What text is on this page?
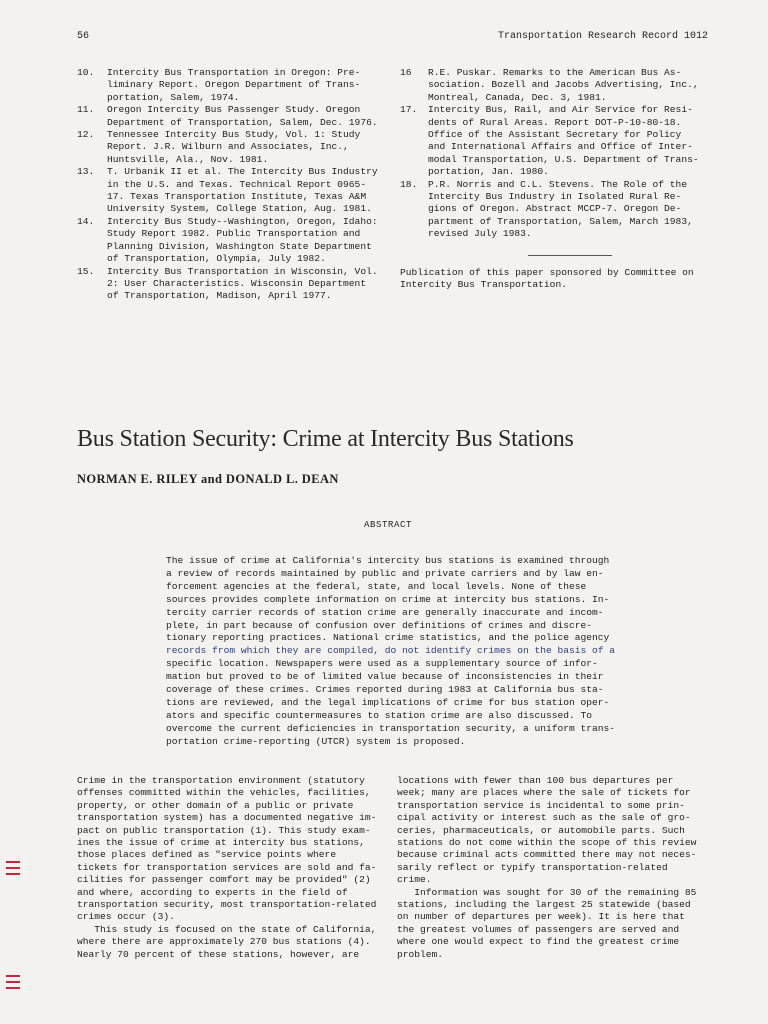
56	Transportation Research Record 1012
10.	Intercity Bus Transportation in Oregon: Pre-
liminary Report. Oregon Department of Trans-
portation, Salem, 1974.
11.	Oregon Intercity Bus Passenger Study. Oregon
Department of Transportation, Salem, Dec. 1976.
12.	Tennessee Intercity Bus Study, Vol. 1: Study
Report. J.R. Wilburn and Associates, Inc.,
Huntsville, Ala., Nov. 1981.
13.	T. Urbanik II et al. The Intercity Bus Industry
in the U.S. and Texas. Technical Report 0965-
17. Texas Transportation Institute, Texas A&M
University System, College Station, Aug. 1981.
14.	Intercity Bus Study--Washington, Oregon, Idaho:
Study Report 1982. Public Transportation and
Planning Division, Washington State Department
of Transportation, Olympia, July 1982.
15.	Intercity Bus Transportation in Wisconsin, Vol.
2: User Characteristics. Wisconsin Department
of Transportation, Madison, April 1977.
16	R.E. Puskar. Remarks to the American Bus As-
sociation. Bozell and Jacobs Advertising, Inc.,
Montreal, Canada, Dec. 3, 1981.
17.	Intercity Bus, Rail, and Air Service for Resi-
dents of Rural Areas. Report DOT-P-10-80-18.
Office of the Assistant Secretary for Policy
and International Affairs and Office of Inter-
modal Transportation, U.S. Department of Trans-
portation, Jan. 1980.
18.	P.R. Norris and C.L. Stevens. The Role of the
Intercity Bus Industry in Isolated Rural Re-
gions of Oregon. Abstract MCCP-7. Oregon De-
partment of Transportation, Salem, March 1983,
revised July 1983.
Publication of this paper sponsored by Committee on
Intercity Bus Transportation.
Bus Station Security: Crime at Intercity Bus Stations
NORMAN E. RILEY and DONALD L. DEAN
ABSTRACT
The issue of crime at California's intercity bus stations is examined through
a review of records maintained by public and private carriers and by law en-
forcement agencies at the federal, state, and local levels. None of these
sources provides complete information on crime at intercity bus stations. In-
tercity carrier records of station crime are generally inaccurate and incom-
plete, in part because of confusion over definitions of crimes and discre-
tionary reporting practices. National crime statistics, and the police agency
records from which they are compiled, do not identify crimes on the basis of a
specific location. Newspapers were used as a supplementary source of infor-
mation but proved to be of limited value because of inconsistencies in their
coverage of these crimes. Crimes reported during 1983 at California bus sta-
tions are reviewed, and the legal implications of crime for bus station oper-
ators and specific countermeasures to station crime are also discussed. To
overcome the current deficiencies in transportation security, a uniform trans-
portation crime-reporting (UTCR) system is proposed.
Crime in the transportation environment (statutory
offenses committed within the vehicles, facilities,
property, or other domain of a public or private
transportation system) has a documented negative im-
pact on public transportation (1). This study exam-
ines the issue of crime at intercity bus stations,
those places defined as "service points where
tickets for transportation services are sold and fa-
cilities for passenger comfort may be provided" (2)
and where, according to experts in the field of
transportation security, most transportation-related
crimes occur (3).
This study is focused on the state of California,
where there are approximately 270 bus stations (4).
Nearly 70 percent of these stations, however, are
locations with fewer than 100 bus departures per
week; many are places where the sale of tickets for
transportation service is incidental to some prin-
cipal activity or interest such as the sale of gro-
ceries, pharmaceuticals, or automobile parts. Such
stations do not come within the scope of this review
because criminal acts committed there may not neces-
sarily reflect or typify transportation-related
crime.
Information was sought for 30 of the remaining 85
stations, including the largest 25 statewide (based
on number of departures per week). It is here that
the greatest volumes of passengers are served and
where one would expect to find the greatest crime
problem.
